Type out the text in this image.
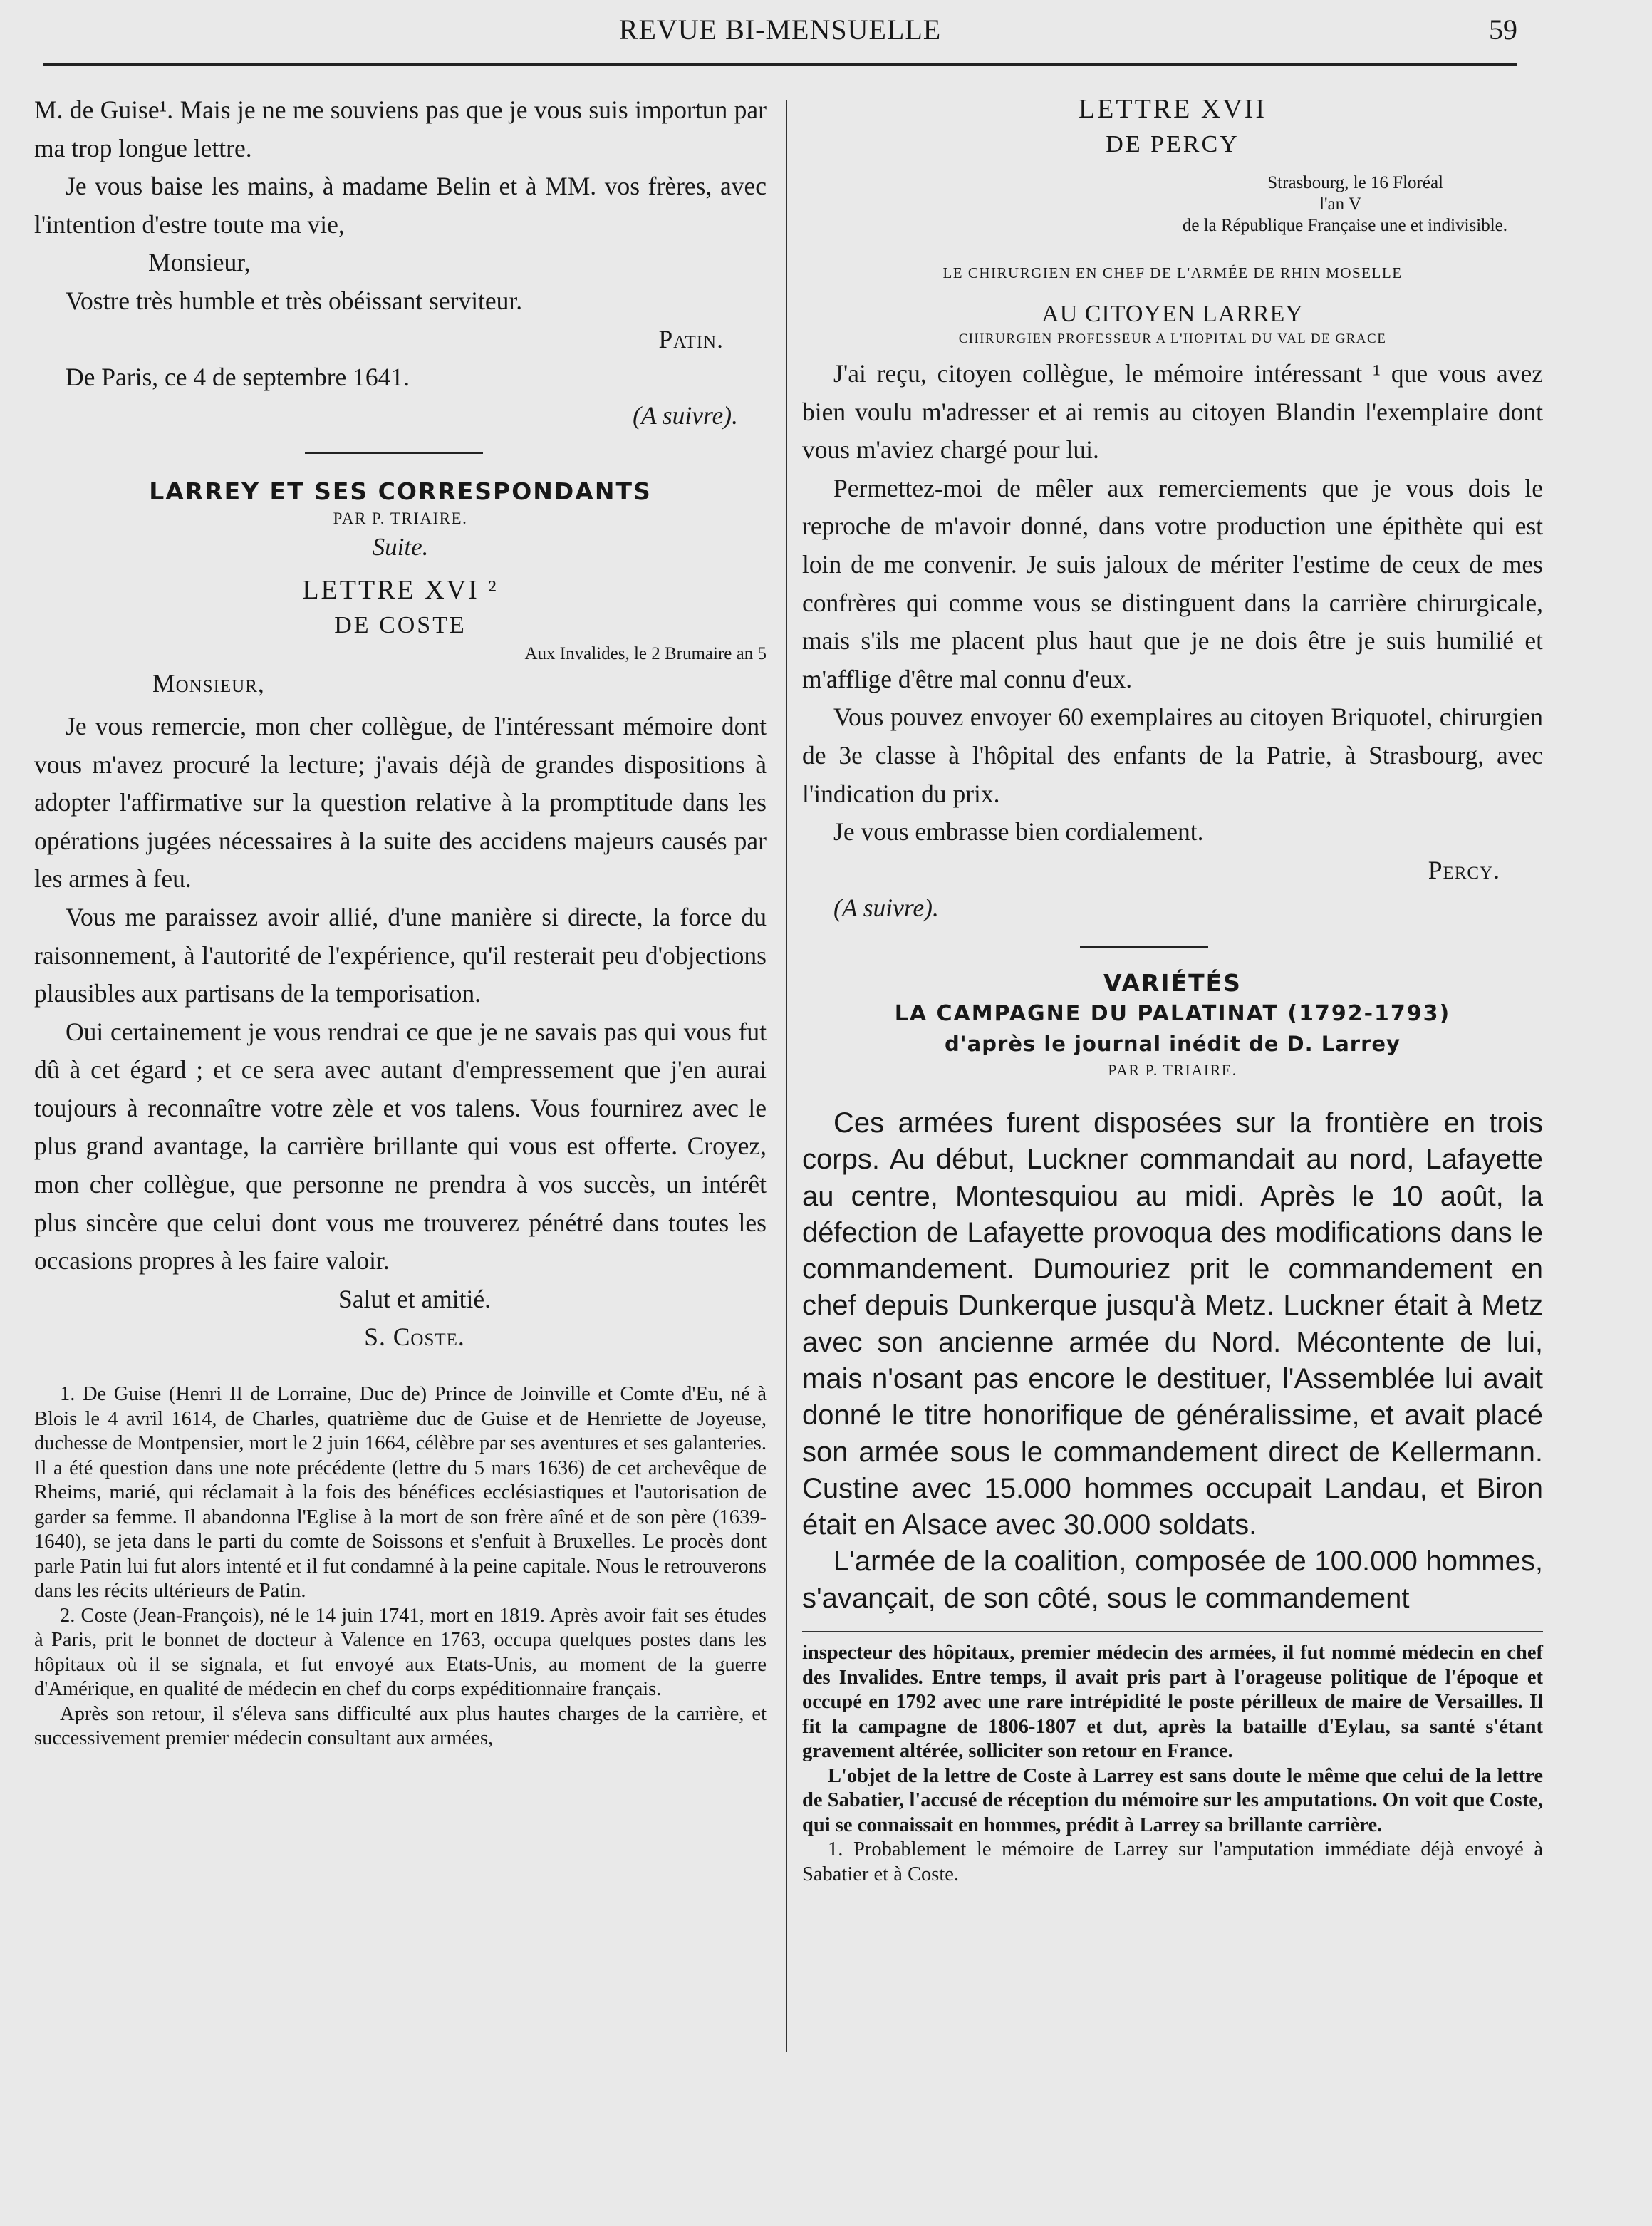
REVUE BI-MENSUELLE	59

M. de Guise¹. Mais je ne me souviens pas que je vous suis importun par ma trop longue lettre.

Je vous baise les mains, à madame Belin et à MM. vos frères, avec l'intention d'estre toute ma vie,

Monsieur,

Vostre très humble et très obéissant serviteur.

Patin.

De Paris, ce 4 de septembre 1641.

(A suivre).

LARREY ET SES CORRESPONDANTS

PAR P. TRIAIRE.

Suite.

LETTRE XVI ²

DE COSTE

Aux Invalides, le 2 Brumaire an 5

Monsieur,

Je vous remercie, mon cher collègue, de l'intéressant mémoire dont vous m'avez procuré la lecture; j'avais déjà de grandes dispositions à adopter l'affirmative sur la question relative à la promptitude dans les opérations jugées nécessaires à la suite des accidens majeurs causés par les armes à feu.

Vous me paraissez avoir allié, d'une manière si directe, la force du raisonnement, à l'autorité de l'expérience, qu'il resterait peu d'objections plausibles aux partisans de la temporisation.

Oui certainement je vous rendrai ce que je ne savais pas qui vous fut dû à cet égard ; et ce sera avec autant d'empressement que j'en aurai toujours à reconnaître votre zèle et vos talens. Vous fournirez avec le plus grand avantage, la carrière brillante qui vous est offerte. Croyez, mon cher collègue, que personne ne prendra à vos succès, un intérêt plus sincère que celui dont vous me trouverez pénétré dans toutes les occasions propres à les faire valoir.

Salut et amitié.

S. Coste.

1. De Guise (Henri II de Lorraine, Duc de) Prince de Joinville et Comte d'Eu, né à Blois le 4 avril 1614, de Charles, quatrième duc de Guise et de Henriette de Joyeuse, duchesse de Montpensier, mort le 2 juin 1664, célèbre par ses aventures et ses galanteries. Il a été question dans une note précédente (lettre du 5 mars 1636) de cet archevêque de Rheims, marié, qui réclamait à la fois des bénéfices ecclésiastiques et l'autorisation de garder sa femme. Il abandonna l'Eglise à la mort de son frère aîné et de son père (1639-1640), se jeta dans le parti du comte de Soissons et s'enfuit à Bruxelles. Le procès dont parle Patin lui fut alors intenté et il fut condamné à la peine capitale. Nous le retrouverons dans les récits ultérieurs de Patin.

2. Coste (Jean-François), né le 14 juin 1741, mort en 1819. Après avoir fait ses études à Paris, prit le bonnet de docteur à Valence en 1763, occupa quelques postes dans les hôpitaux où il se signala, et fut envoyé aux Etats-Unis, au moment de la guerre d'Amérique, en qualité de médecin en chef du corps expéditionnaire français.

Après son retour, il s'éleva sans difficulté aux plus hautes charges de la carrière, et successivement premier médecin consultant aux armées,

LETTRE XVII

DE PERCY

Strasbourg, le 16 Floréal

l'an V

de la République Française une et indivisible.

LE CHIRURGIEN EN CHEF DE L'ARMÉE DE RHIN MOSELLE

AU CITOYEN LARREY

CHIRURGIEN PROFESSEUR A L'HOPITAL DU VAL DE GRACE

J'ai reçu, citoyen collègue, le mémoire intéressant ¹ que vous avez bien voulu m'adresser et ai remis au citoyen Blandin l'exemplaire dont vous m'aviez chargé pour lui.

Permettez-moi de mêler aux remerciements que je vous dois le reproche de m'avoir donné, dans votre production une épithète qui est loin de me convenir. Je suis jaloux de mériter l'estime de ceux de mes confrères qui comme vous se distinguent dans la carrière chirurgicale, mais s'ils me placent plus haut que je ne dois être je suis humilié et m'afflige d'être mal connu d'eux.

Vous pouvez envoyer 60 exemplaires au citoyen Briquotel, chirurgien de 3e classe à l'hôpital des enfants de la Patrie, à Strasbourg, avec l'indication du prix.

Je vous embrasse bien cordialement.

Percy.

(A suivre).

VARIÉTÉS

LA CAMPAGNE DU PALATINAT (1792-1793)

d'après le journal inédit de D. Larrey

PAR P. TRIAIRE.

Ces armées furent disposées sur la frontière en trois corps. Au début, Luckner commandait au nord, Lafayette au centre, Montesquiou au midi. Après le 10 août, la défection de Lafayette provoqua des modifications dans le commandement. Dumouriez prit le commandement en chef depuis Dunkerque jusqu'à Metz. Luckner était à Metz avec son ancienne armée du Nord. Mécontente de lui, mais n'osant pas encore le destituer, l'Assemblée lui avait donné le titre honorifique de généralissime, et avait placé son armée sous le commandement direct de Kellermann. Custine avec 15.000 hommes occupait Landau, et Biron était en Alsace avec 30.000 soldats.

L'armée de la coalition, composée de 100.000 hommes, s'avançait, de son côté, sous le commandement

inspecteur des hôpitaux, premier médecin des armées, il fut nommé médecin en chef des Invalides. Entre temps, il avait pris part à l'orageuse politique de l'époque et occupé en 1792 avec une rare intrépidité le poste périlleux de maire de Versailles. Il fit la campagne de 1806-1807 et dut, après la bataille d'Eylau, sa santé s'étant gravement altérée, solliciter son retour en France.

L'objet de la lettre de Coste à Larrey est sans doute le même que celui de la lettre de Sabatier, l'accusé de réception du mémoire sur les amputations. On voit que Coste, qui se connaissait en hommes, prédit à Larrey sa brillante carrière.

1. Probablement le mémoire de Larrey sur l'amputation immédiate déjà envoyé à Sabatier et à Coste.
